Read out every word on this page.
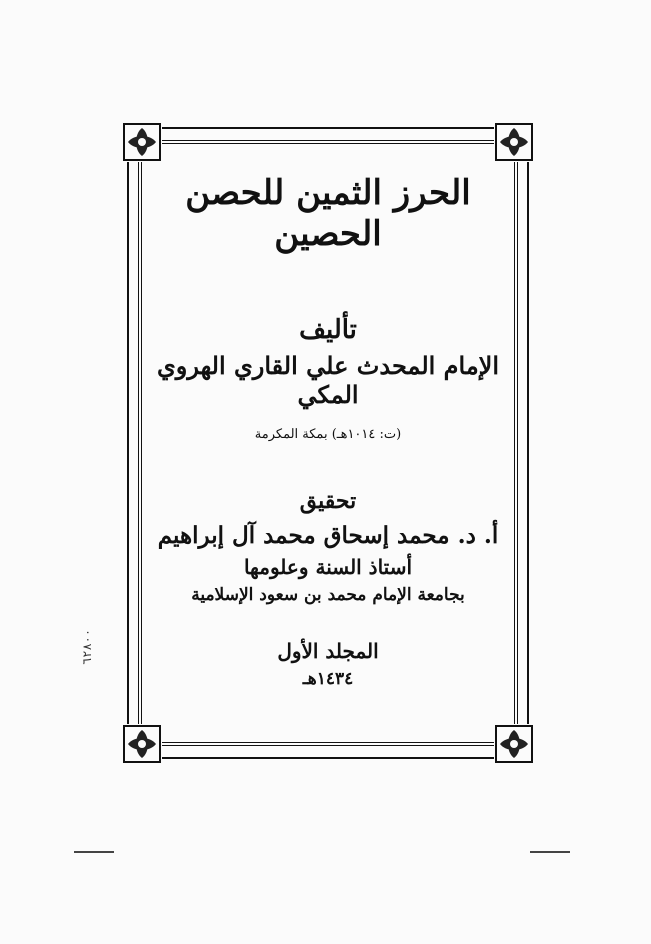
الحرز الثمين للحصن الحصين
تأليف
الإمام المحدث علي القاري الهروي المكي
(ت: ١٠١٤هـ) بمكة المكرمة
تحقيق
أ. د. محمد إسحاق محمد آل إبراهيم
أستاذ السنة وعلومها
بجامعة الإمام محمد بن سعود الإسلامية
المجلد الأول
١٤٣٤هـ
٦٢٨٠٠
